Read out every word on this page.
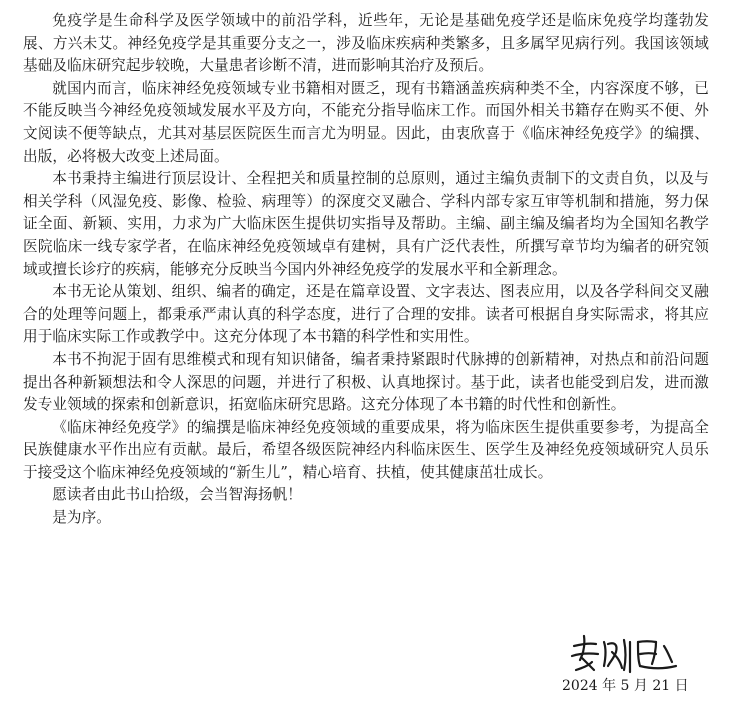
免疫学是生命科学及医学领域中的前沿学科，近些年，无论是基础免疫学还是临床免疫学均蓬勃发展、方兴未艾。神经免疫学是其重要分支之一，涉及临床疾病种类繁多，且多属罕见病行列。我国该领域基础及临床研究起步较晚，大量患者诊断不清，进而影响其治疗及预后。

就国内而言，临床神经免疫领域专业书籍相对匮乏，现有书籍涵盖疾病种类不全，内容深度不够，已不能反映当今神经免疫领域发展水平及方向，不能充分指导临床工作。而国外相关书籍存在购买不便、外文阅读不便等缺点，尤其对基层医院医生而言尤为明显。因此，由衷欣喜于《临床神经免疫学》的编撰、出版，必将极大改变上述局面。

本书秉持主编进行顶层设计、全程把关和质量控制的总原则，通过主编负责制下的文责自负，以及与相关学科（风湿免疫、影像、检验、病理等）的深度交叉融合、学科内部专家互审等机制和措施，努力保证全面、新颖、实用，力求为广大临床医生提供切实指导及帮助。主编、副主编及编者均为全国知名教学医院临床一线专家学者，在临床神经免疫领域卓有建树，具有广泛代表性，所撰写章节均为编者的研究领域或擅长诊疗的疾病，能够充分反映当今国内外神经免疫学的发展水平和全新理念。

本书无论从策划、组织、编者的确定，还是在篇章设置、文字表达、图表应用，以及各学科间交叉融合的处理等问题上，都秉承严肃认真的科学态度，进行了合理的安排。读者可根据自身实际需求，将其应用于临床实际工作或教学中。这充分体现了本书籍的科学性和实用性。

本书不拘泥于固有思维模式和现有知识储备，编者秉持紧跟时代脉搏的创新精神，对热点和前沿问题提出各种新颖想法和令人深思的问题，并进行了积极、认真地探讨。基于此，读者也能受到启发，进而激发专业领域的探索和创新意识，拓宽临床研究思路。这充分体现了本书籍的时代性和创新性。

《临床神经免疫学》的编撰是临床神经免疫领域的重要成果，将为临床医生提供重要参考，为提高全民族健康水平作出应有贡献。最后，希望各级医院神经内科临床医生、医学生及神经免疫领域研究人员乐于接受这个临床神经免疫领域的“新生儿”，精心培育、扶植，使其健康茁壮成长。

愿读者由此书山拾级，会当智海扬帆！

是为序。

2024 年 5 月 21 日
